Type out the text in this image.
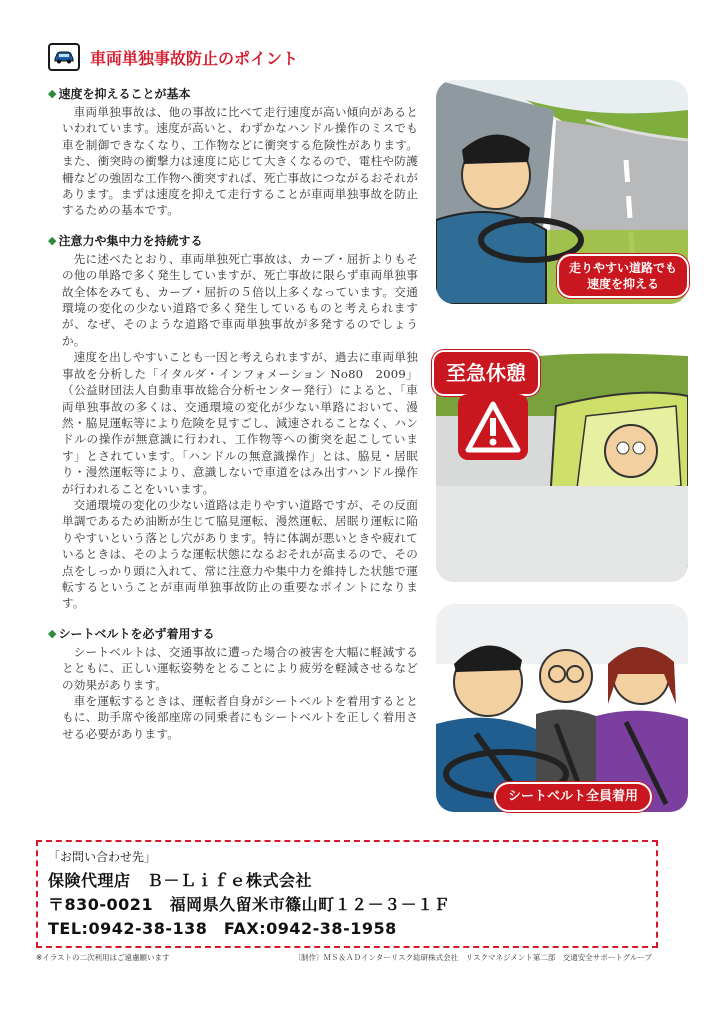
車両単独事故防止のポイント
◆ 速度を抑えることが基本

車両単独事故は、他の事故に比べて走行速度が高い傾向があるといわれています。速度が高いと、わずかなハンドル操作のミスでも車を制御できなくなり、工作物などに衝突する危険性があります。また、衝突時の衝撃力は速度に応じて大きくなるので、電柱や防護柵などの強固な工作物へ衝突すれば、死亡事故につながるおそれがあります。まずは速度を抑えて走行することが車両単独事故を防止するための基本です。

◆ 注意力や集中力を持続する

先に述べたとおり、車両単独死亡事故は、カーブ・屈折よりもその他の単路で多く発生していますが、死亡事故に限らず車両単独事故全体をみても、カーブ・屈折の５倍以上多くなっています。交通環境の変化の少ない道路で多く発生しているものと考えられますが、なぜ、そのような道路で車両単独事故が多発するのでしょうか。

速度を出しやすいことも一因と考えられますが、過去に車両単独事故を分析した「イタルダ・インフォメーション No80　2009」（公益財団法人自動車事故総合分析センター発行）によると、「車両単独事故の多くは、交通環境の変化が少ない単路において、漫然・脇見運転等により危険を見すごし、減速されることなく、ハンドルの操作が無意識に行われ、工作物等への衝突を起こしています」とされています。「ハンドルの無意識操作」とは、脇見・居眠り・漫然運転等により、意識しないで車道をはみ出すハンドル操作が行われることをいいます。

交通環境の変化の少ない道路は走りやすい道路ですが、その反面単調であるため油断が生じて脇見運転、漫然運転、居眠り運転に陥りやすいという落とし穴があります。特に体調が悪いときや疲れているときは、そのような運転状態になるおそれが高まるので、その点をしっかり頭に入れて、常に注意力や集中力を維持した状態で運転するということが車両単独事故防止の重要なポイントになります。

◆ シートベルトを必ず着用する

シートベルトは、交通事故に遭った場合の被害を大幅に軽減するとともに、正しい運転姿勢をとることにより疲労を軽減させるなどの効果があります。

車を運転するときは、運転者自身がシートベルトを着用するとともに、助手席や後部座席の同乗者にもシートベルトを正しく着用させる必要があります。

走りやすい道路でも
速度を抑える
至急休憩
シートベルト全員着用
「お問い合わせ先」
保険代理店　Ｂ－Ｌｉｆｅ株式会社
〒830-0021　福岡県久留米市篠山町１２－３－１Ｆ
TEL:0942-38-138　FAX:0942-38-1958
※イラストの二次利用はご遠慮願います	〔制作〕ＭＳ＆ＡＤインターリスク総研株式会社　リスクマネジメント第二部　交通安全サポートグループ
